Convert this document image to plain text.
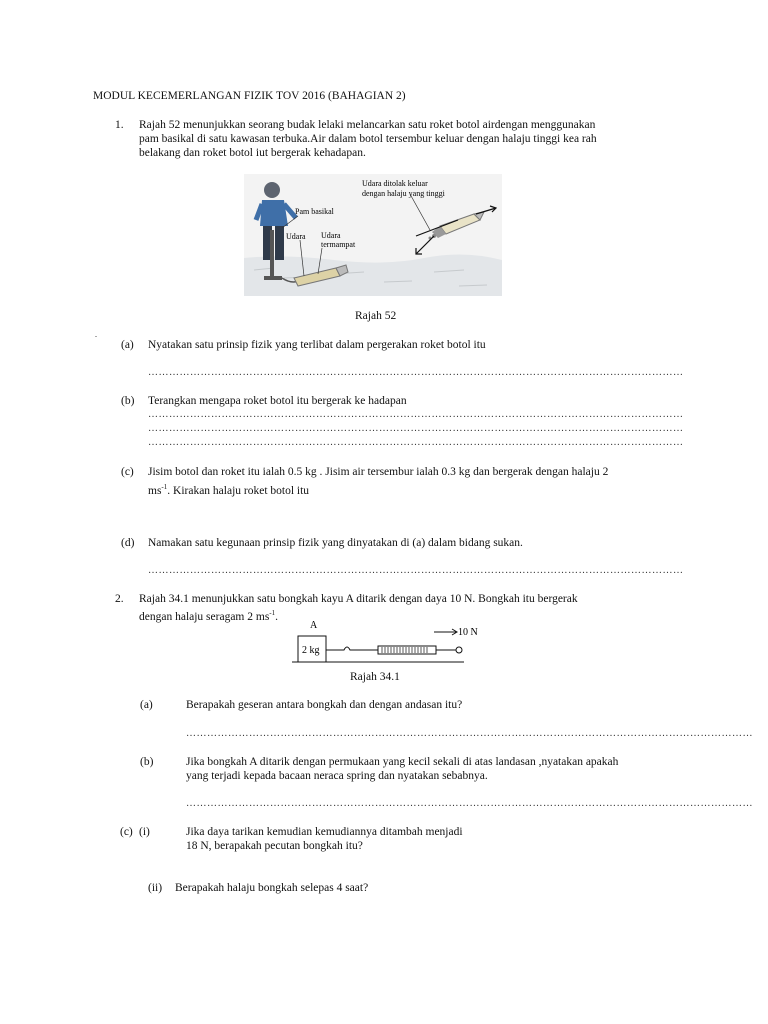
MODUL KECEMERLANGAN FIZIK TOV 2016 (BAHAGIAN 2)
1. Rajah 52 menunjukkan seorang budak lelaki melancarkan satu roket botol airdengan menggunakan
pam basikal di satu kawasan terbuka.Air dalam botol tersembur keluar dengan halaju tinggi kea rah
belakang dan roket botol iut bergerak kehadapan.
Pam basikal
Udara Udara
termampat
Udara ditolak keluar
dengan halaju yang tinggi
Rajah 52
.
(a) Nyatakan satu prinsip fizik yang terlibat dalam pergerakan roket botol itu
………………………………………………………………………………………………………………………………………
(b) Terangkan mengapa roket botol itu bergerak ke hadapan
………………………………………………………………………………………………………………………………………
………………………………………………………………………………………………………………………………………
………………………………………………………………………………………………………………………………………
(c) Jisim botol dan roket itu ialah 0.5 kg . Jisim air tersembur ialah 0.3 kg dan bergerak dengan halaju 2
$ms^{-1}$. Kirakan halaju roket botol itu
(d) Namakan satu kegunaan prinsip fizik yang dinyatakan di (a) dalam bidang sukan.
………………………………………………………………………………………………………………………………………
2. Rajah 34.1 menunjukkan satu bongkah kayu A ditarik dengan daya 10 N. Bongkah itu bergerak
dengan halaju seragam 2 $ms^{-1}$.
A
2 kg
10 N
Rajah 34.1
(a)	Berapakah geseran antara bongkah dan dengan andasan itu?
………………………………………………………………………………………………………………………………………………
(b)	Jika bongkah A ditarik dengan permukaan yang kecil sekali di atas landasan ,nyatakan apakah
yang terjadi kepada bacaan neraca spring dan nyatakan sebabnya.
………………………………………………………………………………………………………………………………………………
(c) (i)	Jika daya tarikan kemudian kemudiannya ditambah menjadi
18 N, berapakah pecutan bongkah itu?
(ii) Berapakah halaju bongkah selepas 4 saat?
